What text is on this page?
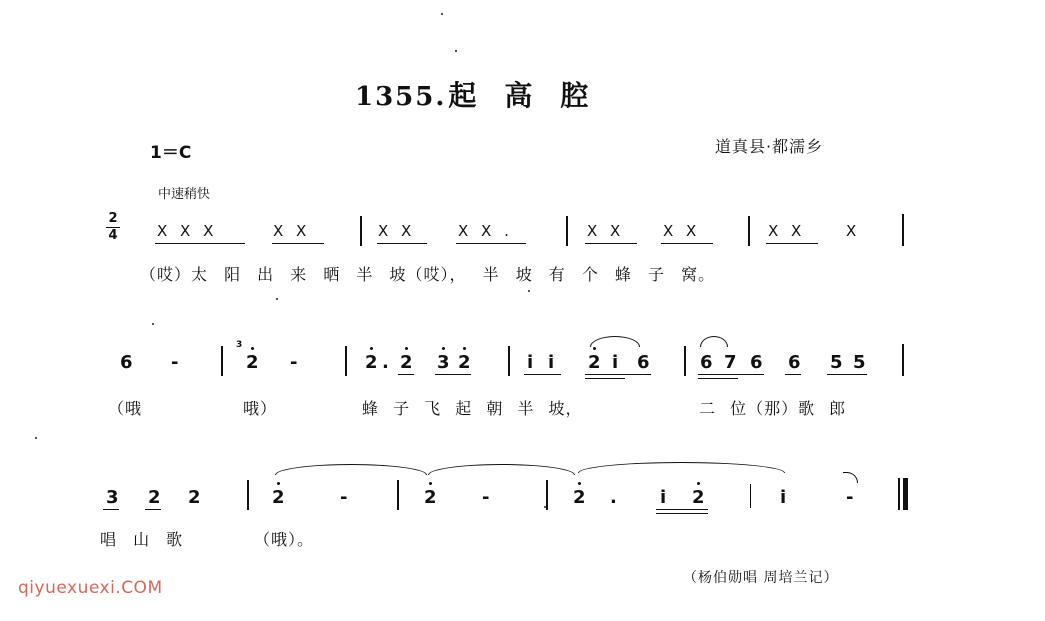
1355.起高腔
1＝C	道真县·都濡乡
中速稍快
2
4	X X X	X X	X X	X X .	X X	X X	X X	X
（哎）太 阳 出 来 晒 半 坡（哎）， 半 坡 有 个 蜂 子 窝。
6 -
3
2 -	2 . 2 3 2	i i 2 i 6	6 7 6 6 5 5
（哦	哦）	蜂 子 飞 起 朝 半 坡，	二 位（那）歌 郎
3 2 2	2	-	2	-	2 . i 2	i	-
唱 山 歌	（哦）。
（杨伯勋唱 周培兰记）
qiyuexuexi.COM
